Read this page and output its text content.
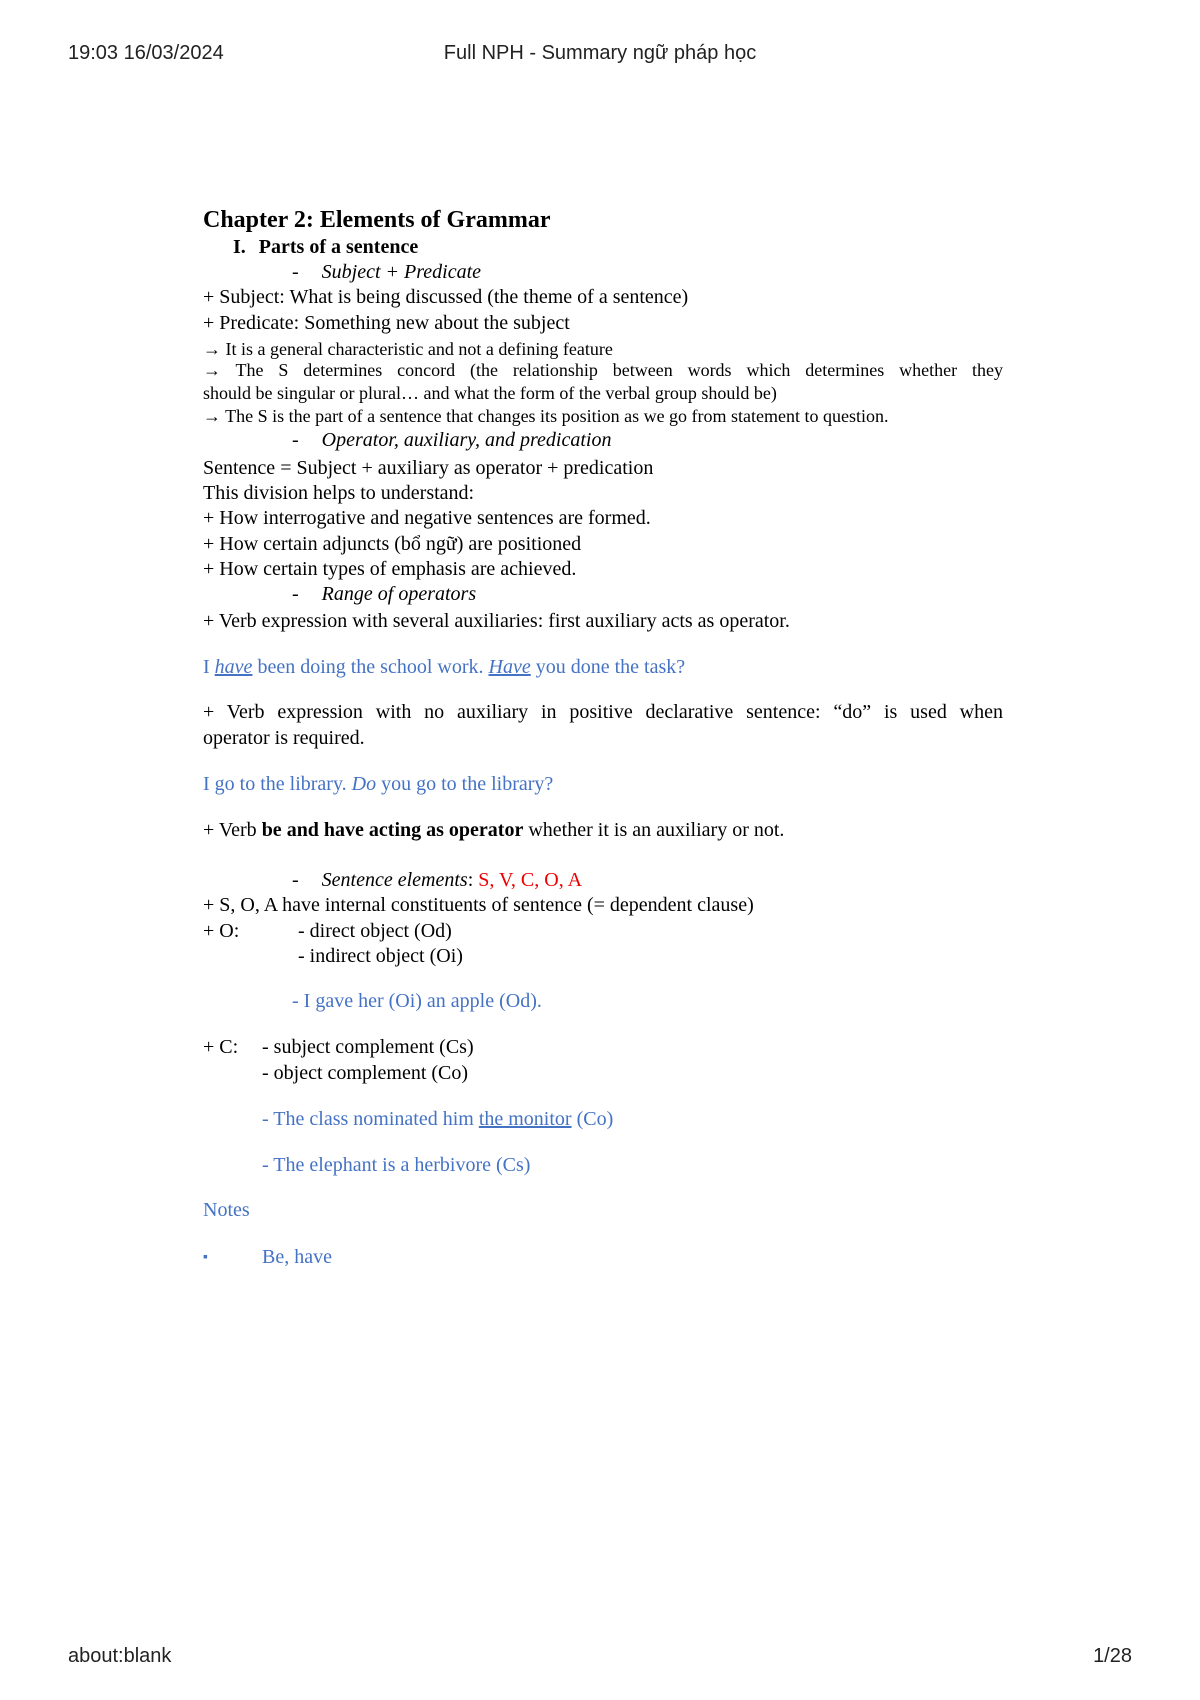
19:03 16/03/2024	Full NPH - Summary ngữ pháp học
Chapter 2: Elements of Grammar
I. Parts of a sentence
- Subject + Predicate
+ Subject: What is being discussed (the theme of a sentence)
+ Predicate: Something new about the subject
→ It is a general characteristic and not a defining feature
→ The S determines concord (the relationship between words which determines whether they
should be singular or plural… and what the form of the verbal group should be)
→ The S is the part of a sentence that changes its position as we go from statement to question.
- Operator, auxiliary, and predication
Sentence = Subject + auxiliary as operator + predication
This division helps to understand:
+ How interrogative and negative sentences are formed.
+ How certain adjuncts (bổ ngữ) are positioned
+ How certain types of emphasis are achieved.
- Range of operators
+ Verb expression with several auxiliaries: first auxiliary acts as operator.
I have been doing the school work. Have you done the task?
+ Verb expression with no auxiliary in positive declarative sentence: “do” is used when
operator is required.
I go to the library. Do you go to the library?
+ Verb be and have acting as operator whether it is an auxiliary or not.
- Sentence elements: S, V, C, O, A
+ S, O, A have internal constituents of sentence (= dependent clause)
+ O:	- direct object (Od)
- indirect object (Oi)
- I gave her (Oi) an apple (Od).
+ C: - subject complement (Cs)
- object complement (Co)
- The class nominated him the monitor (Co)
- The elephant is a herbivore (Cs)
Notes
▪	Be, have
about:blank	1/28
